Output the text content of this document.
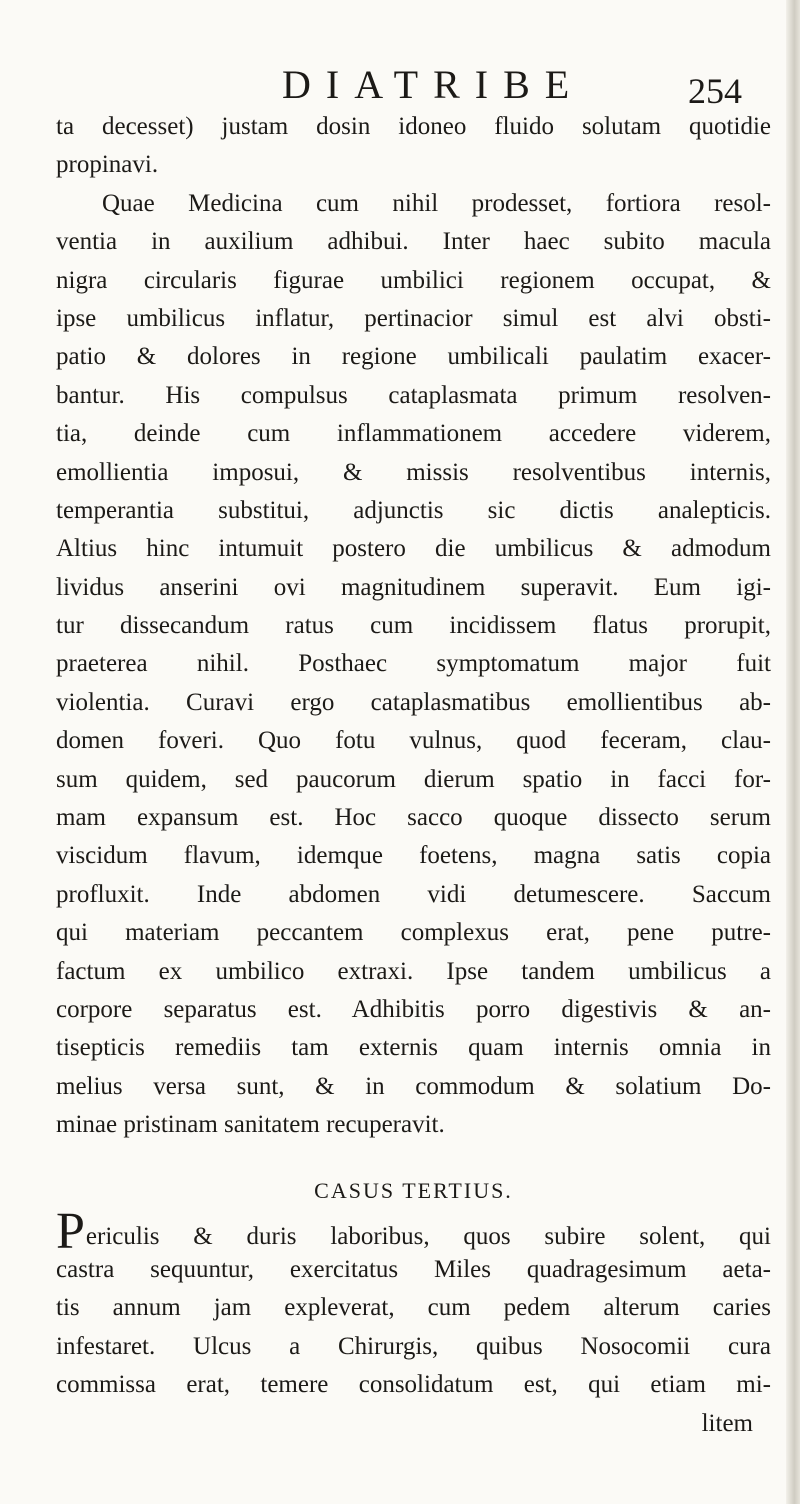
DIATRIBE	254
ta decesset) justam dosin idoneo fluido solutam quotidie
propinavi.
Quae Medicina cum nihil prodesset, fortiora resol-
ventia in auxilium adhibui. Inter haec subito macula
nigra circularis figurae umbilici regionem occupat, &
ipse umbilicus inflatur, pertinacior simul est alvi obsti-
patio & dolores in regione umbilicali paulatim exacer-
bantur. His compulsus cataplasmata primum resolven-
tia, deinde cum inflammationem accedere viderem,
emollientia imposui, & missis resolventibus internis,
temperantia substitui, adjunctis sic dictis analepticis.
Altius hinc intumuit postero die umbilicus & admodum
lividus anserini ovi magnitudinem superavit. Eum igi-
tur dissecandum ratus cum incidissem flatus prorupit,
praeterea nihil. Posthaec symptomatum major fuit
violentia. Curavi ergo cataplasmatibus emollientibus ab-
domen foveri. Quo fotu vulnus, quod feceram, clau-
sum quidem, sed paucorum dierum spatio in facci for-
mam expansum est. Hoc sacco quoque dissecto serum
viscidum flavum, idemque foetens, magna satis copia
profluxit. Inde abdomen vidi detumescere. Saccum
qui materiam peccantem complexus erat, pene putre-
factum ex umbilico extraxi. Ipse tandem umbilicus a
corpore separatus est. Adhibitis porro digestivis & an-
tisepticis remediis tam externis quam internis omnia in
melius versa sunt, & in commodum & solatium Do-
minae pristinam sanitatem recuperavit.
CASUS TERTIUS.
Periculis & duris laboribus, quos subire solent, qui
castra sequuntur, exercitatus Miles quadragesimum aeta-
tis annum jam expleverat, cum pedem alterum caries
infestaret. Ulcus a Chirurgis, quibus Nosocomii cura
commissa erat, temere consolidatum est, qui etiam mi-
litem
